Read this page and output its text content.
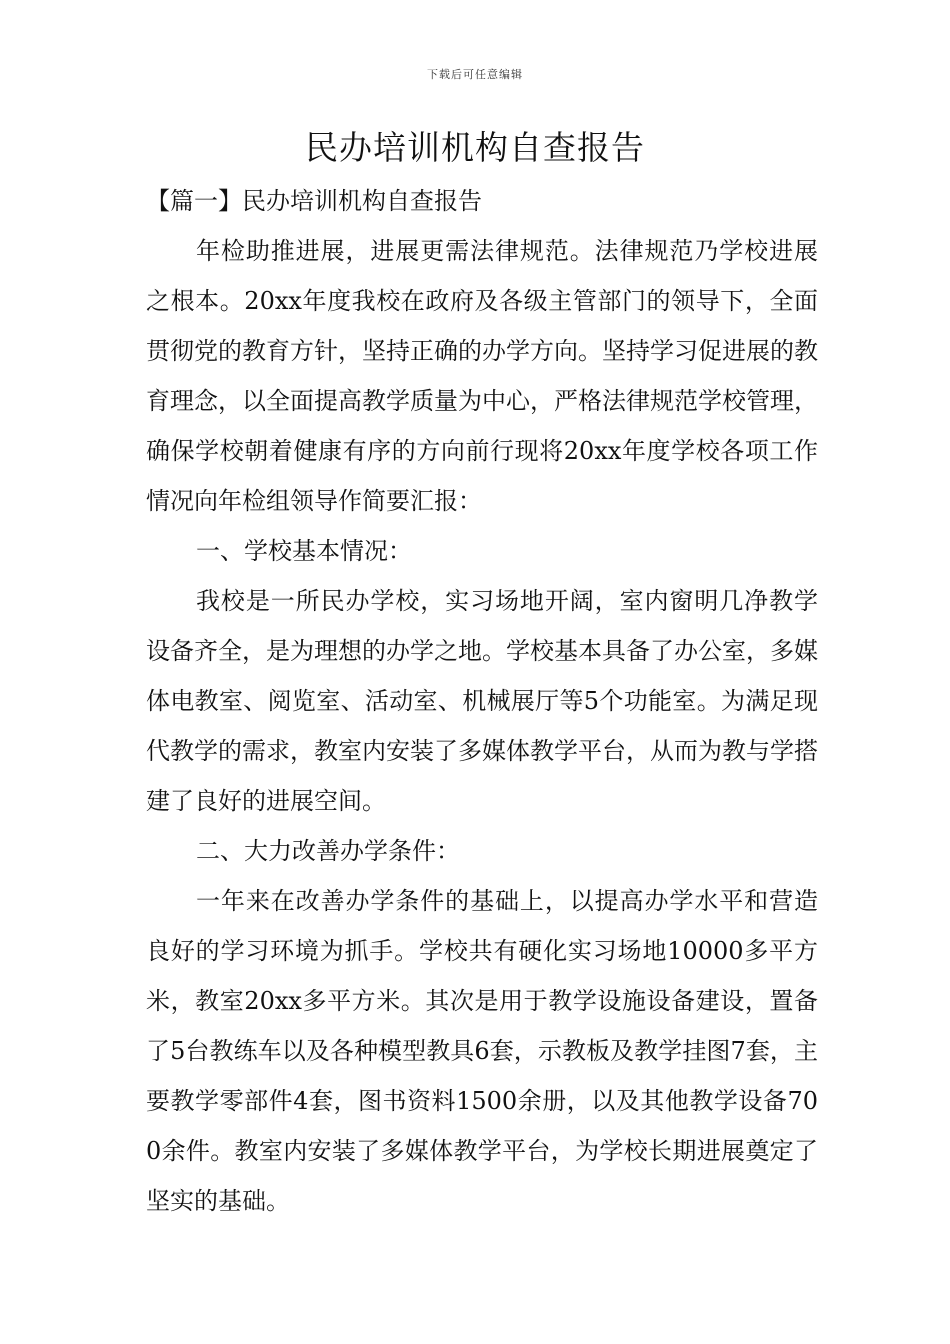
下载后可任意编辑
民办培训机构自查报告

【篇一】民办培训机构自查报告

年检助推进展，进展更需法律规范。法律规范乃学校进展之根本。20xx年度我校在政府及各级主管部门的领导下，全面贯彻党的教育方针，坚持正确的办学方向。坚持学习促进展的教育理念，以全面提高教学质量为中心，严格法律规范学校管理，确保学校朝着健康有序的方向前行现将20xx年度学校各项工作情况向年检组领导作简要汇报：

一、学校基本情况：

我校是一所民办学校，实习场地开阔，室内窗明几净教学设备齐全，是为理想的办学之地。学校基本具备了办公室，多媒体电教室、阅览室、活动室、机械展厅等5个功能室。为满足现代教学的需求，教室内安装了多媒体教学平台，从而为教与学搭建了良好的进展空间。

二、大力改善办学条件：

一年来在改善办学条件的基础上，以提高办学水平和营造良好的学习环境为抓手。学校共有硬化实习场地10000多平方米，教室20xx多平方米。其次是用于教学设施设备建设，置备了5台教练车以及各种模型教具6套，示教板及教学挂图7套，主要教学零部件4套，图书资料1500余册，以及其他教学设备700余件。教室内安装了多媒体教学平台，为学校长期进展奠定了坚实的基础。
